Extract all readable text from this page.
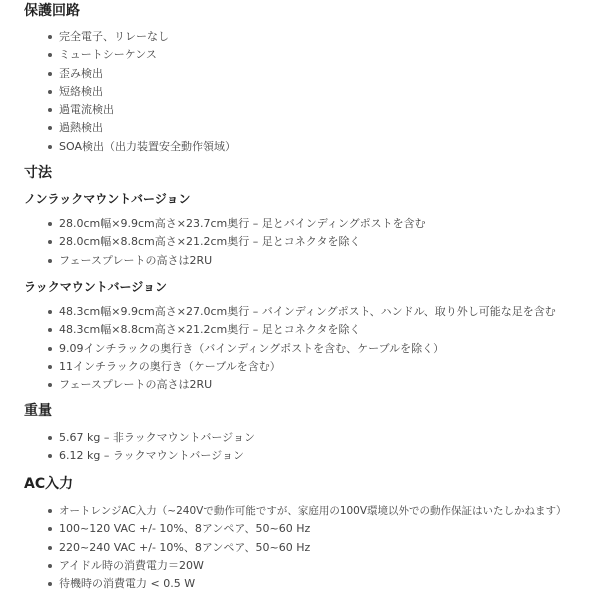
保護回路
完全電子、リレーなし
ミュートシーケンス
歪み検出
短絡検出
過電流検出
過熱検出
SOA検出（出力装置安全動作領域）
寸法
ノンラックマウントバージョン
28.0cm幅×9.9cm高さ×23.7cm奥行 – 足とバインディングポストを含む
28.0cm幅×8.8cm高さ×21.2cm奥行 – 足とコネクタを除く
フェースプレートの高さは2RU
ラックマウントバージョン
48.3cm幅×9.9cm高さ×27.0cm奥行 – バインディングポスト、ハンドル、取り外し可能な足を含む
48.3cm幅×8.8cm高さ×21.2cm奥行 – 足とコネクタを除く
9.09インチラックの奥行き（バインディングポストを含む、ケーブルを除く）
11インチラックの奥行き（ケーブルを含む）
フェースプレートの高さは2RU
重量
5.67 kg – 非ラックマウントバージョン
6.12 kg – ラックマウントバージョン
AC入力
オートレンジAC入力（~240Vで動作可能ですが、家庭用の100V環境以外での動作保証はいたしかねます）
100~120 VAC +/- 10%、8アンペア、50~60 Hz
220~240 VAC +/- 10%、8アンペア、50~60 Hz
アイドル時の消費電力＝20W
待機時の消費電力 < 0.5 W
